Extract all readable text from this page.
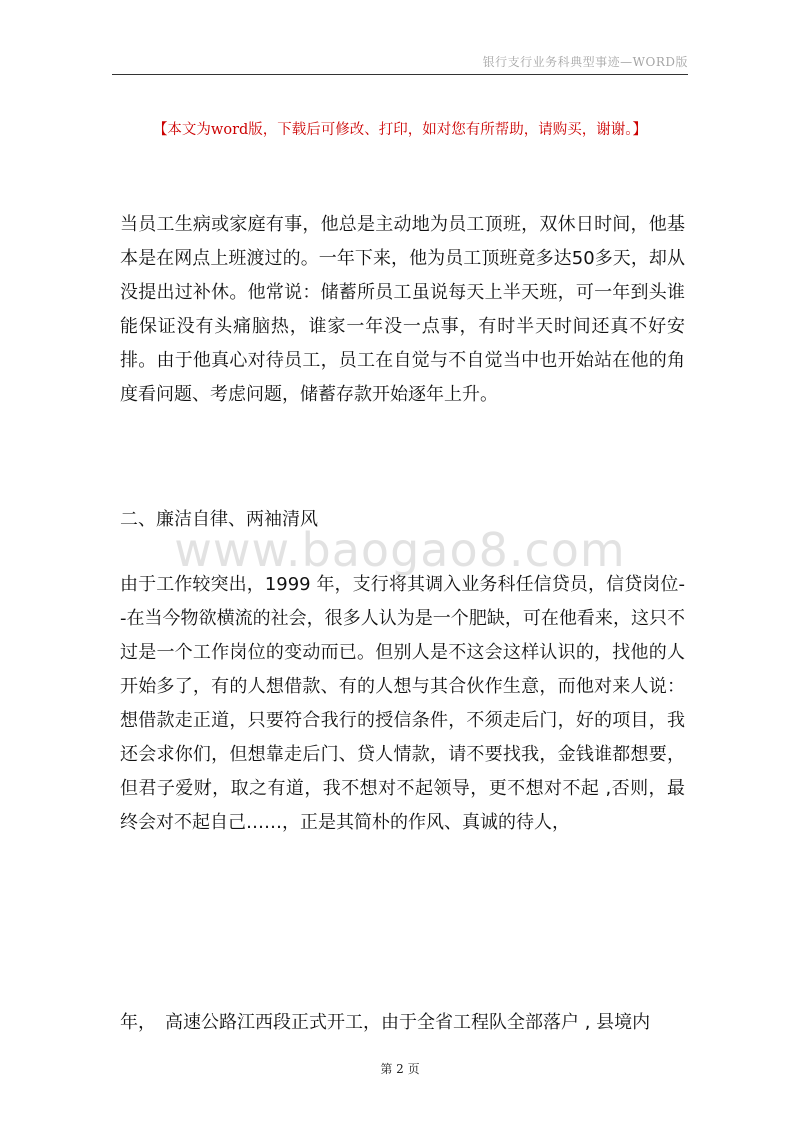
银行支行业务科典型事迹—WORD版
【本文为word版，下载后可修改、打印，如对您有所帮助，请购买，谢谢。】
当员工生病或家庭有事，他总是主动地为员工顶班，双休日时间，他基本是在网点上班渡过的。一年下来，他为员工顶班竟多达50多天，却从没提出过补休。他常说：储蓄所员工虽说每天上半天班，可一年到头谁能保证没有头痛脑热，谁家一年没一点事，有时半天时间还真不好安排。由于他真心对待员工，员工在自觉与不自觉当中也开始站在他的角度看问题、考虑问题，储蓄存款开始逐年上升。
二、廉洁自律、两袖清风
www.baogao8.com
由于工作较突出，1999 年，支行将其调入业务科任信贷员，信贷岗位--在当今物欲横流的社会，很多人认为是一个肥缺，可在他看来，这只不过是一个工作岗位的变动而已。但别人是不这会这样认识的，找他的人开始多了，有的人想借款、有的人想与其合伙作生意，而他对来人说：想借款走正道，只要符合我行的授信条件，不须走后门，好的项目，我还会求你们，但想靠走后门、贷人情款，请不要找我，金钱谁都想要，但君子爱财，取之有道，我不想对不起领导，更不想对不起 ,否则，最终会对不起自己……，正是其简朴的作风、真诚的待人，
年，　高速公路江西段正式开工，由于全省工程队全部落户 , 县境内
第 2 页
